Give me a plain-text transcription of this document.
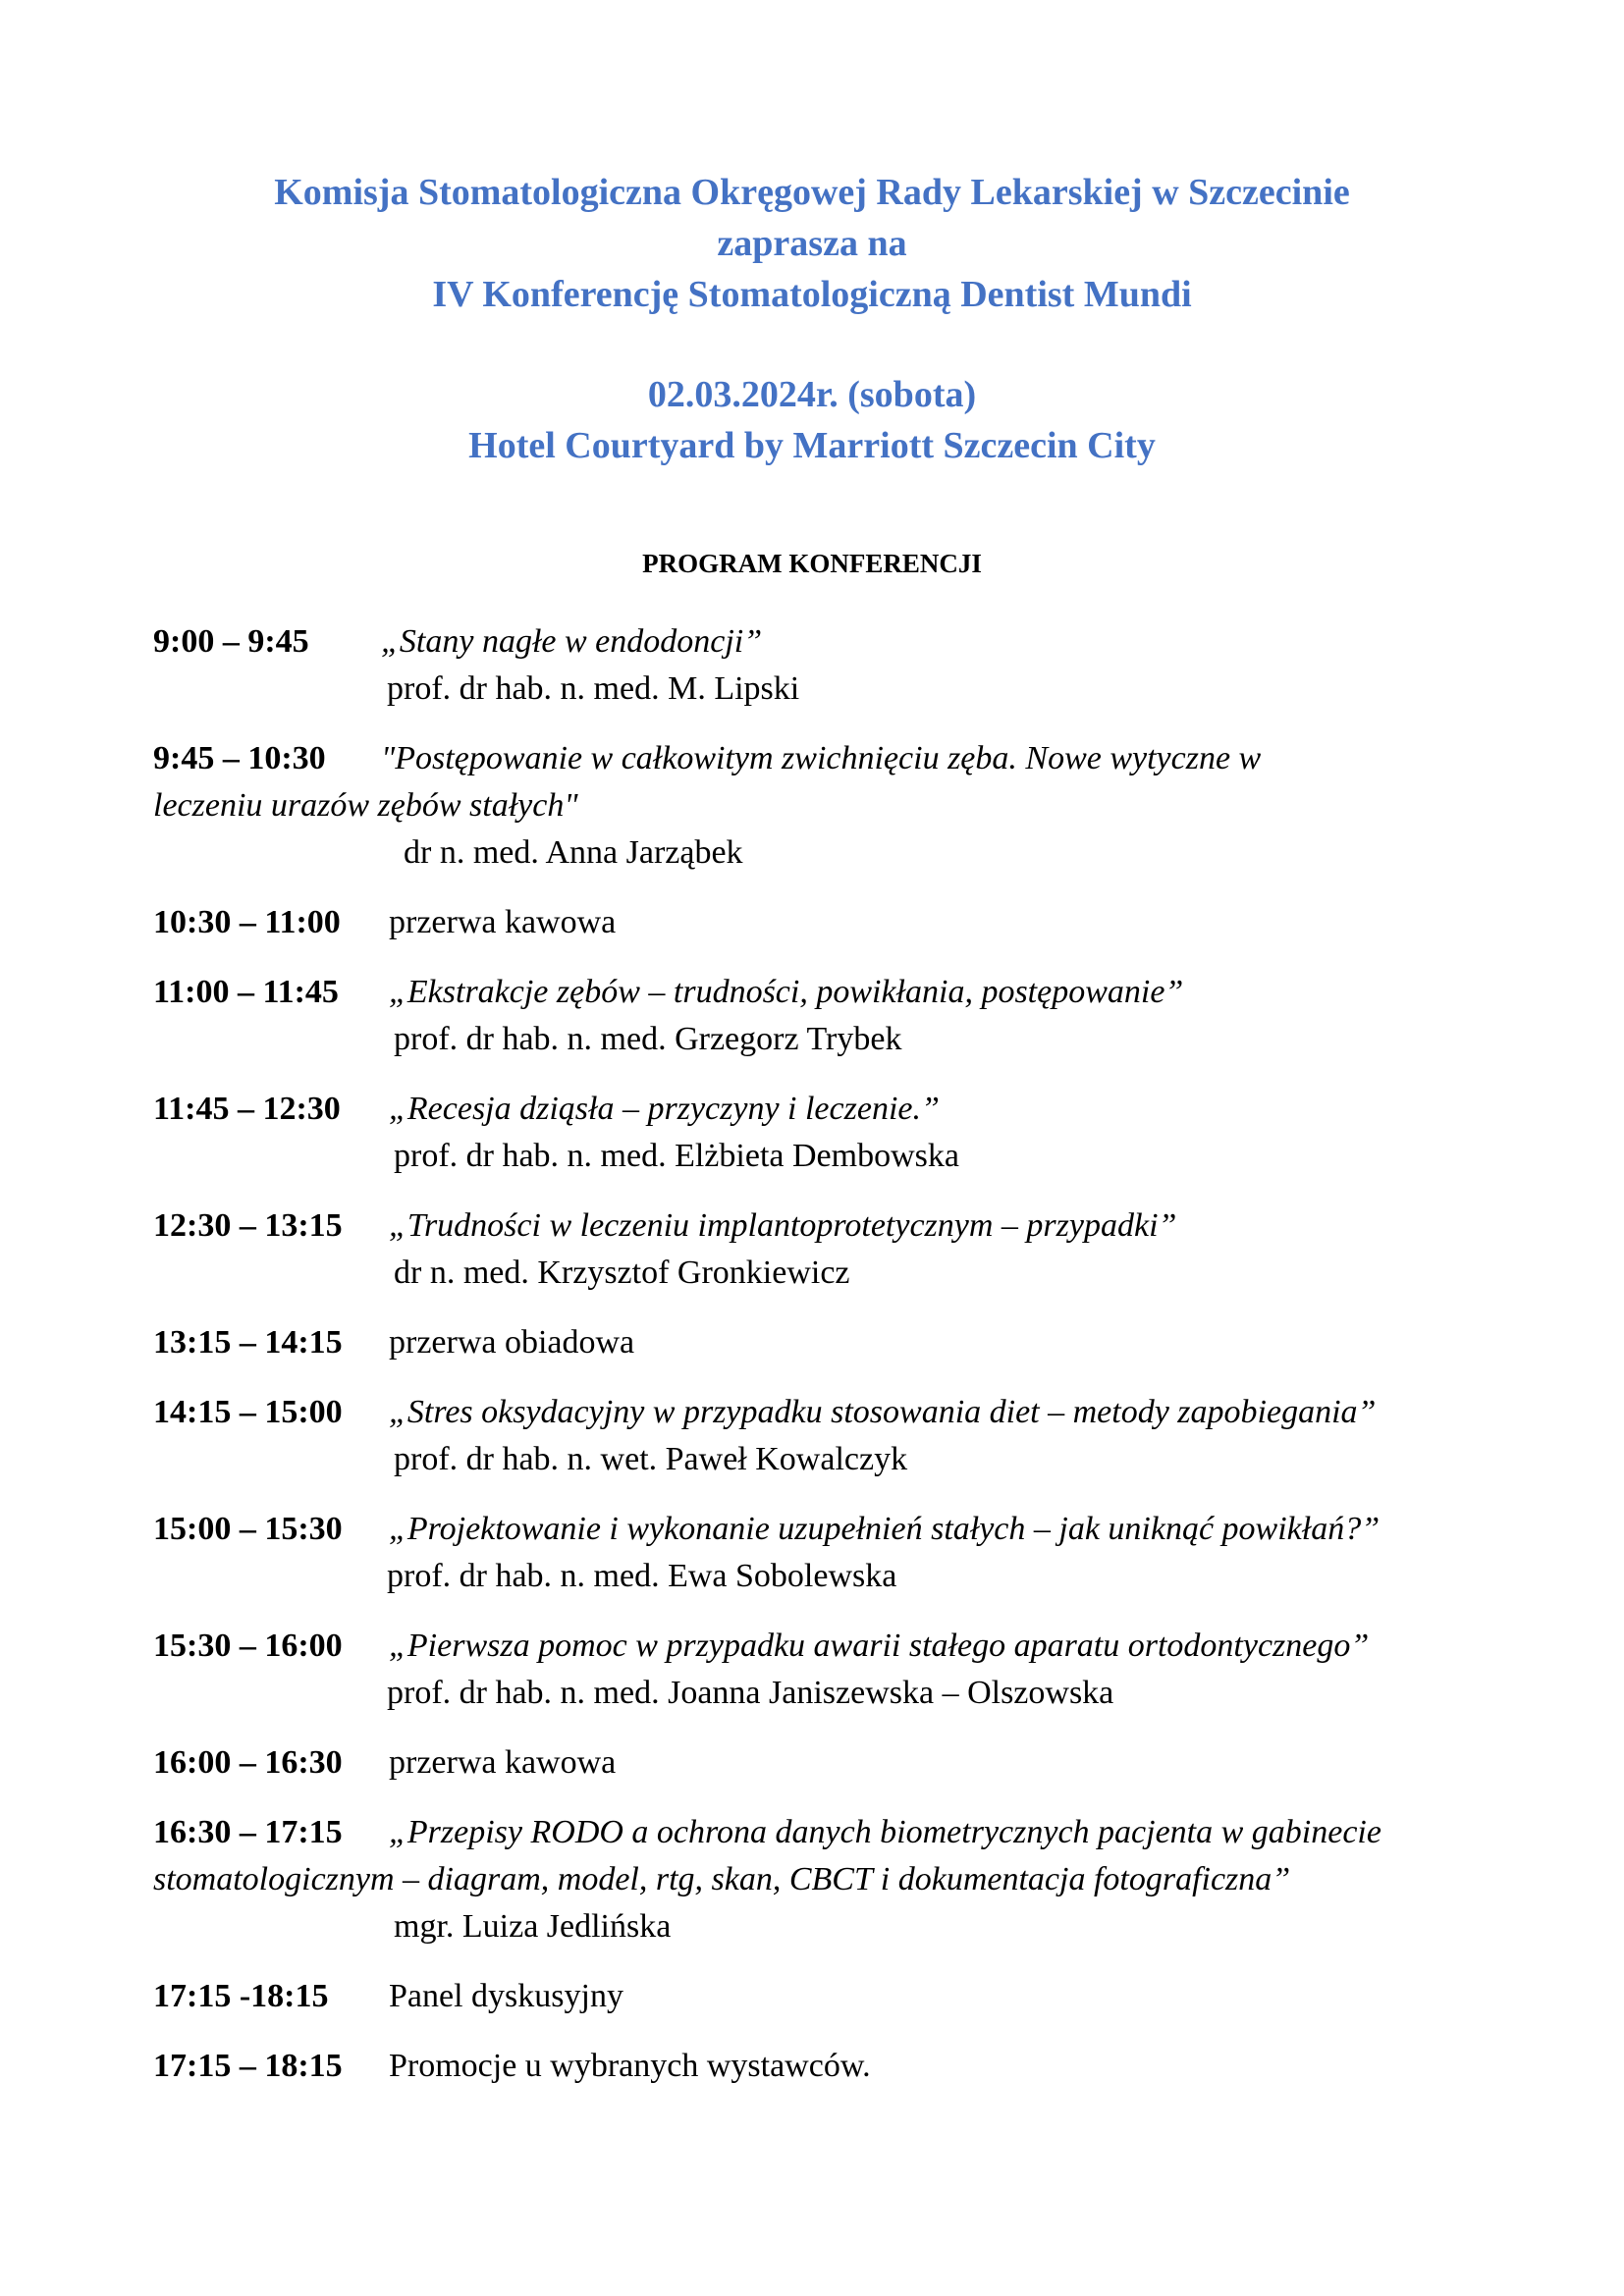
Komisja Stomatologiczna Okręgowej Rady Lekarskiej w Szczecinie
zaprasza na
IV Konferencję Stomatologiczną Dentist Mundi
02.03.2024r. (sobota)
Hotel Courtyard by Marriott Szczecin City
PROGRAM KONFERENCJI
9:00 – 9:45 „Stany nagłe w endodoncji”
prof. dr hab. n. med. M. Lipski
9:45 – 10:30 "Postępowanie w całkowitym zwichnięciu zęba. Nowe wytyczne w
leczeniu urazów zębów stałych"
dr n. med. Anna Jarząbek
10:30 – 11:00 przerwa kawowa
11:00 – 11:45 „Ekstrakcje zębów – trudności, powikłania, postępowanie”
prof. dr hab. n. med. Grzegorz Trybek
11:45 – 12:30 „Recesja dziąsła – przyczyny i leczenie.”
prof. dr hab. n. med. Elżbieta Dembowska
12:30 – 13:15 „Trudności w leczeniu implantoprotetycznym – przypadki”
dr n. med. Krzysztof Gronkiewicz
13:15 – 14:15 przerwa obiadowa
14:15 – 15:00 „Stres oksydacyjny w przypadku stosowania diet – metody zapobiegania”
prof. dr hab. n. wet. Paweł Kowalczyk
15:00 – 15:30 „Projektowanie i wykonanie uzupełnień stałych – jak uniknąć powikłań?”
prof. dr hab. n. med. Ewa Sobolewska
15:30 – 16:00 „Pierwsza pomoc w przypadku awarii stałego aparatu ortodontycznego”
prof. dr hab. n. med. Joanna Janiszewska – Olszowska
16:00 – 16:30 przerwa kawowa
16:30 – 17:15 „Przepisy RODO a ochrona danych biometrycznych pacjenta w gabinecie
stomatologicznym – diagram, model, rtg, skan, CBCT i dokumentacja fotograficzna”
mgr. Luiza Jedlińska
17:15 -18:15 Panel dyskusyjny
17:15 – 18:15 Promocje u wybranych wystawców.
